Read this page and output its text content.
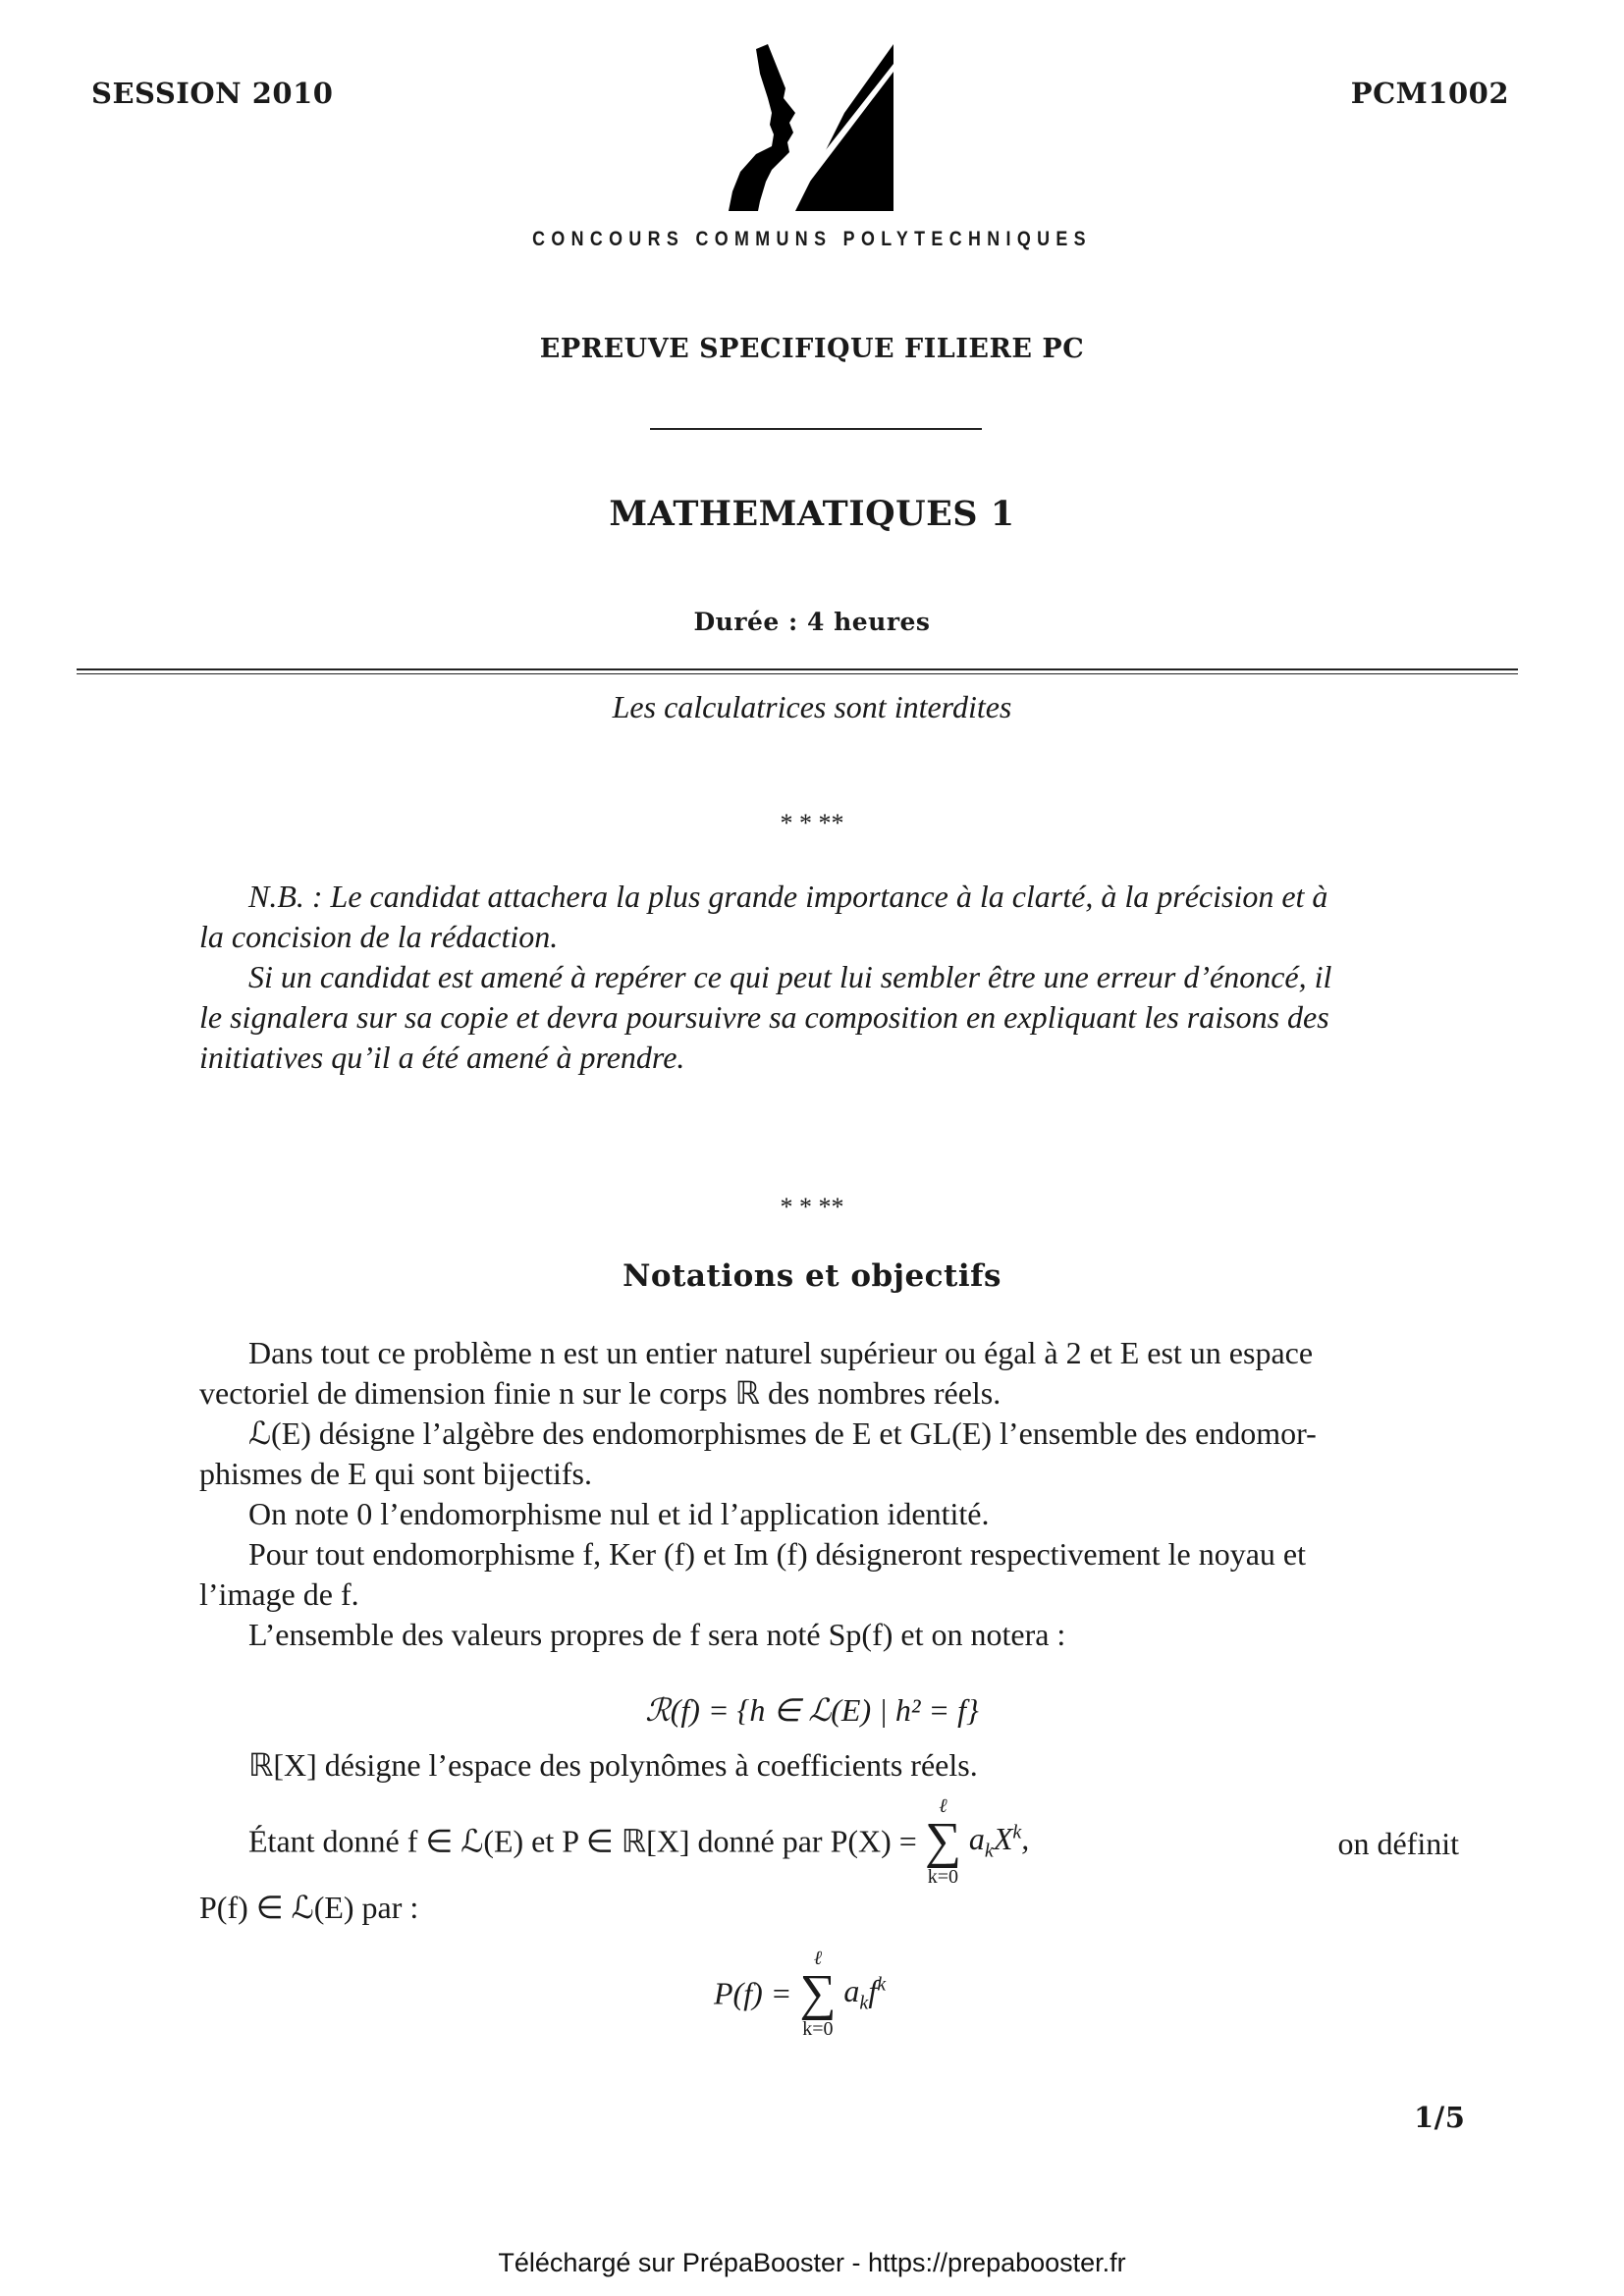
SESSION 2010	PCM1002
CONCOURS COMMUNS POLYTECHNIQUES
EPREUVE SPECIFIQUE FILIERE PC
MATHEMATIQUES 1
Durée : 4 heures
Les calculatrices sont interdites
* * **
N.B. : Le candidat attachera la plus grande importance à la clarté, à la précision et à
la concision de la rédaction.
Si un candidat est amené à repérer ce qui peut lui sembler être une erreur d’énoncé, il
le signalera sur sa copie et devra poursuivre sa composition en expliquant les raisons des
initiatives qu’il a été amené à prendre.
* * **
Notations et objectifs
Dans tout ce problème n est un entier naturel supérieur ou égal à 2 et E est un espace
vectoriel de dimension finie n sur le corps ℝ des nombres réels.
ℒ(E) désigne l’algèbre des endomorphismes de E et GL(E) l’ensemble des endomor-
phismes de E qui sont bijectifs.
On note 0 l’endomorphisme nul et id l’application identité.
Pour tout endomorphisme f, Ker (f) et Im (f) désigneront respectivement le noyau et
l’image de f.
L’ensemble des valeurs propres de f sera noté Sp(f) et on notera :
ℛ(f) = {h ∈ ℒ(E) | h² = f}
ℝ[X] désigne l’espace des polynômes à coefficients réels.
Étant donné f ∈ ℒ(E) et P ∈ ℝ[X] donné par P(X) =
ℓ
∑
k=0
$a_kX^k$,	on définit
P(f) ∈ ℒ(E) par :
P(f) =
ℓ
∑
k=0
$a_kf^k$
1/5
Téléchargé sur PrépaBooster - https://prepabooster.fr
